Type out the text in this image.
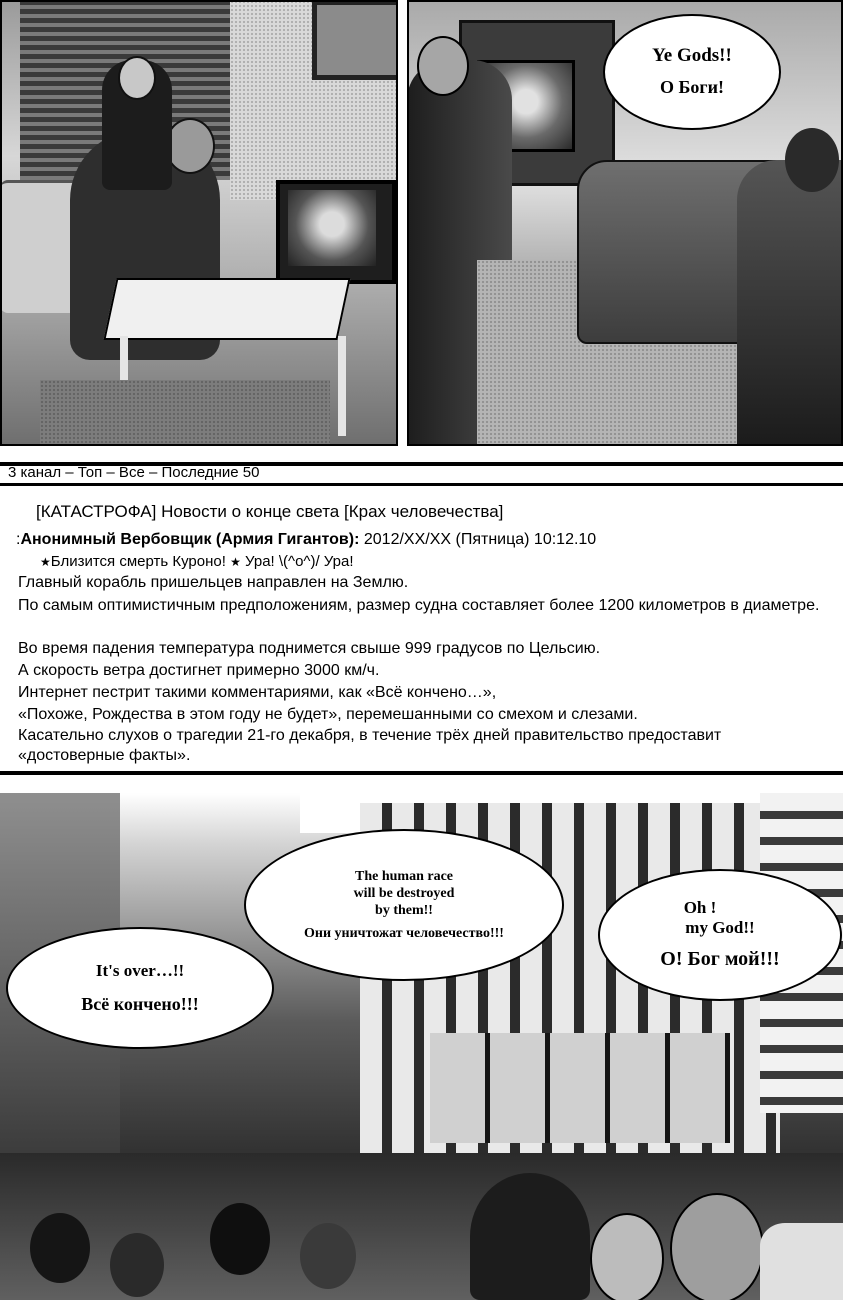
Ye Gods!!
О Боги!
3 канал – Топ – Все – Последние 50
[КАТАСТРОФА] Новости о конце света [Крах человечества]
:Анонимный Вербовщик (Армия Гигантов): 2012/XX/XX (Пятница) 10:12.10
★Близится смерть Куроно! ★ Ура! \(^o^)/ Ура!
Главный корабль пришельцев направлен на Землю.
По самым оптимистичным предположениям, размер судна составляет более 1200 километров в диаметре.
Во время падения температура поднимется свыше 999 градусов по Цельсию.
А скорость ветра достигнет примерно 3000 км/ч.
Интернет пестрит такими комментариями, как «Всё кончено…»,
«Похоже, Рождества в этом году не будет», перемешанными со смехом и слезами.
Касательно слухов о трагедии 21-го декабря, в течение трёх дней правительство предоставит «достоверные факты».
The human race
will be destroyed
by them!!
Они уничтожат человечество!!!
It's over…!!
Всё кончено!!!
Oh !
my God!!
О! Бог мой!!!
